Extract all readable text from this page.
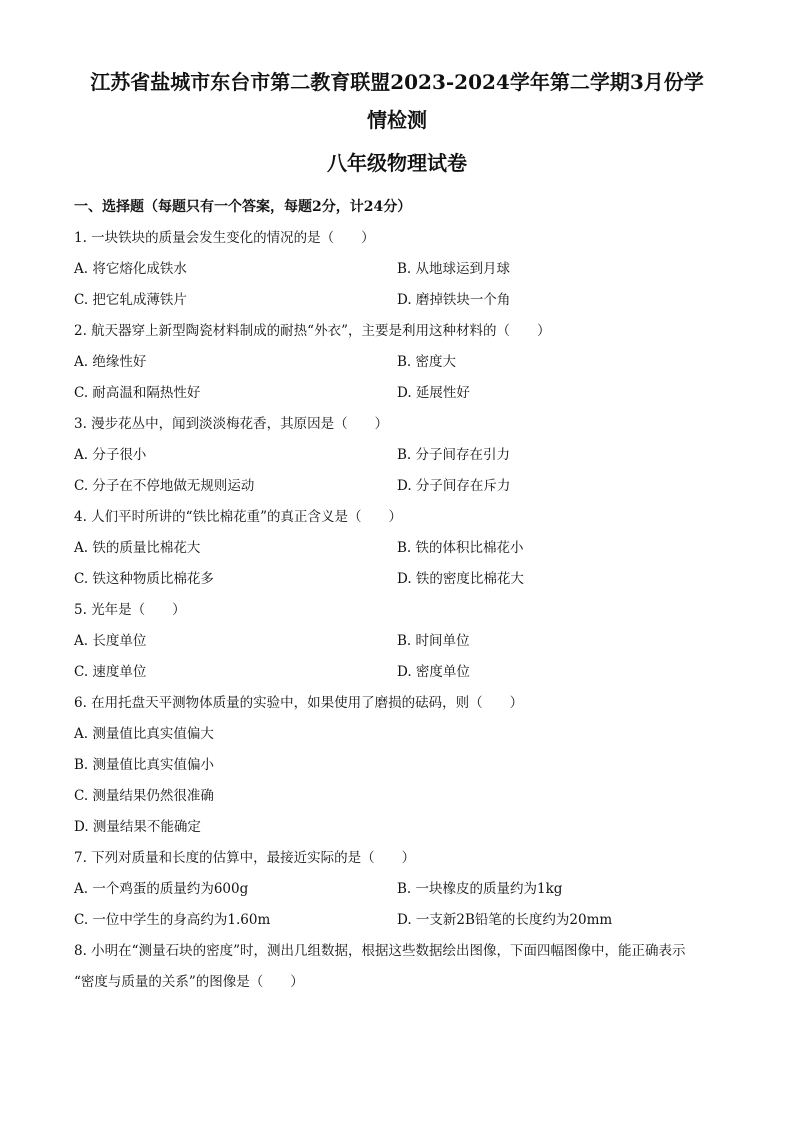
江苏省盐城市东台市第二教育联盟2023-2024学年第二学期3月份学

情检测

八年级物理试卷

一、选择题（每题只有一个答案，每题2分，计24分）
1. 一块铁块的质量会发生变化的情况的是（　　）
A. 将它熔化成铁水	B. 从地球运到月球
C. 把它轧成薄铁片	D. 磨掉铁块一个角
2. 航天器穿上新型陶瓷材料制成的耐热“外衣”，主要是利用这种材料的（　　）
A. 绝缘性好	B. 密度大
C. 耐高温和隔热性好	D. 延展性好
3. 漫步花丛中，闻到淡淡梅花香，其原因是（　　）
A. 分子很小	B. 分子间存在引力
C. 分子在不停地做无规则运动	D. 分子间存在斥力
4. 人们平时所讲的“铁比棉花重”的真正含义是（　　）
A. 铁的质量比棉花大	B. 铁的体积比棉花小
C. 铁这种物质比棉花多	D. 铁的密度比棉花大
5. 光年是（　　）
A. 长度单位	B. 时间单位
C. 速度单位	D. 密度单位
6. 在用托盘天平测物体质量的实验中，如果使用了磨损的砝码，则（　　）
A. 测量值比真实值偏大
B. 测量值比真实值偏小
C. 测量结果仍然很准确
D. 测量结果不能确定
7. 下列对质量和长度的估算中，最接近实际的是（　　）
A. 一个鸡蛋的质量约为600g	B. 一块橡皮的质量约为1kg
C. 一位中学生的身高约为1.60m	D. 一支新2B铅笔的长度约为20mm
8. 小明在“测量石块的密度”时，测出几组数据，根据这些数据绘出图像，下面四幅图像中，能正确表示
“密度与质量的关系”的图像是（　　）
